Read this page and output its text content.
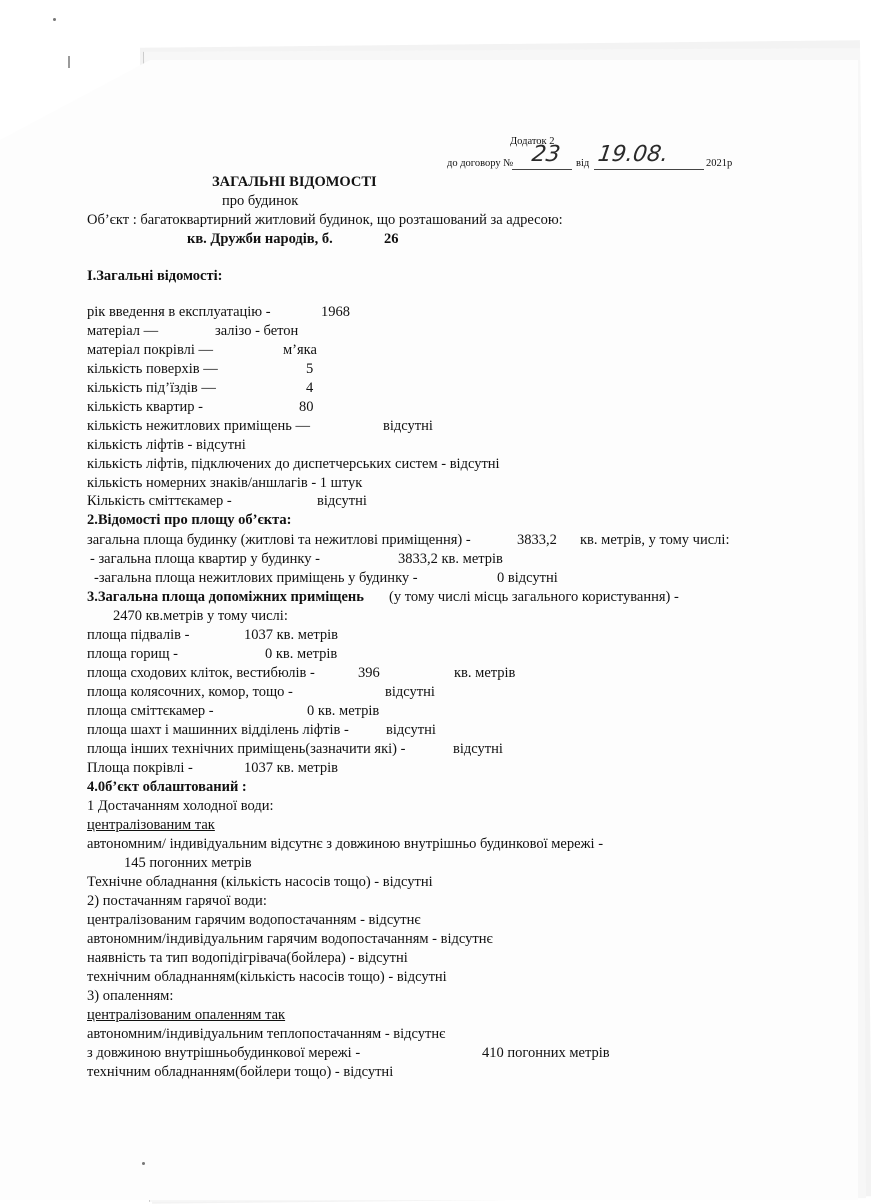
Додаток 2
до договору № 23 від 19.08.	2021р
ЗАГАЛЬНІ ВІДОМОСТІ
про будинок
Об’єкт : багатоквартирний житловий будинок, що розташований за адресою:
кв. Дружби народів, б.	26
I.Загальні відомості:
рік введення в експлуатацію -	1968
матеріал —	залізо - бетон
матеріал покрівлі —	м’яка
кількість поверхів —	5
кількість під’їздів —	4
кількість квартир -	80
кількість нежитлових приміщень —	відсутні
кількість ліфтів - відсутні
кількість ліфтів, підключених до диспетчерських систем - відсутні
кількість номерних знаків/аншлагів - 1 штук
Кількість сміттєкамер -	відсутні
2.Відомості про площу об’єкта:
загальна площа будинку (житлові та нежитлові приміщення) -	3833,2 кв. метрів, у тому числі:
- загальна площа квартир у будинку -	3833,2 кв. метрів
-загальна площа нежитлових приміщень у будинку -	0 відсутні
3.Загальна площа допоміжних приміщень (у тому числі місць загального користування) -
2470 кв.метрів у тому числі:
площа підвалів -	1037 кв. метрів
площа горищ -	0 кв. метрів
площа сходових кліток, вестибюлів -	396	кв. метрів
площа колясочних, комор, тощо -	відсутні
площа сміттєкамер -	0 кв. метрів
площа шахт і машинних відділень ліфтів -	відсутні
площа інших технічних приміщень(зазначити які) -	відсутні
Площа покрівлі -	1037 кв. метрів
4.0б’єкт облаштований :
1 Достачанням холодної води:
централізованим так
автономним/ індивідуальним відсутнє з довжиною внутрішньо будинкової мережі -
145 погонних метрів
Технічне обладнання (кількість насосів тощо) - відсутні
2) постачанням гарячої води:
централізованим гарячим водопостачанням - відсутнє
автономним/індивідуальним гарячим водопостачанням - відсутнє
наявність та тип водопідігрівача(бойлера) - відсутні
технічним обладнанням(кількість насосів тощо) - відсутні
3) опаленням:
централізованим опаленням так
автономним/індивідуальним теплопостачанням - відсутнє
з довжиною внутрішньобудинкової мережі -	410 погонних метрів
технічним обладнанням(бойлери тощо) - відсутні
